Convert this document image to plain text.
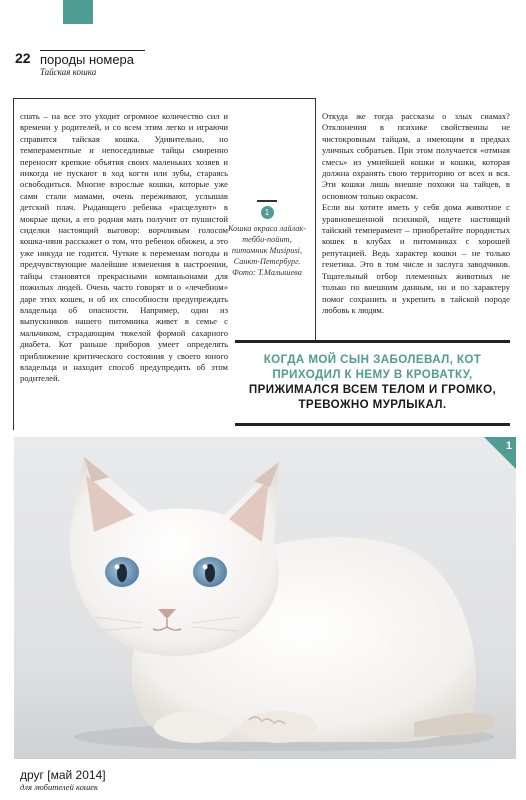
22 породы номера
Тайская кошка

спать – на все это уходит огромное количество сил и времени у родителей, и со всем этим легко и играючи справится тайская кошка. Удивительно, но темпераментные и непоседливые тайцы смиренно переносят крепкие объятия своих маленьких хозяев и никогда не пускают в ход когти или зубы, стараясь освободиться. Многие взрослые кошки, которые уже сами стали мамами, очень переживают, услышав детский плач. Рыдающего ребенка «расцелуют» в мокрые щеки, а его родная мать получит от пушистой сиделки настоящий выговор: ворчливым голосом кошка-няня расскажет о том, что ребенок обижен, а это уже никуда не годится. Чуткие к переменам погоды и предчувствующие малейшие изменения в настроении, тайцы становятся прекрасными компаньонами для пожилых людей. Очень часто говорят и о «лечебном» даре этих кошек, и об их способности предупреждать владельца об опасности. Например, один из выпускников нашего питомника живет в семье с мальчиком, страдающим тяжелой формой сахарного диабета. Кот раньше приборов умеет определять приближение критического состояния у своего юного владельца и находит способ предупредить об этом родителей.

1
Кошка окраса лайлак-тебби-пойнт, питомник Musipusi, Санкт-Петербург. Фото: Т.Малышева

Откуда же тогда рассказы о злых сиамах? Отклонения в психике свойственны не чистокровным тайцам, а имеющим в предках уличных собратьев. При этом получается «отмная смесь» из умнейшей кошки и кошки, которая должна охранять свою территорию от всех и вся. Эти кошки лишь внешне похожи на тайцев, в основном только окрасом.

Если вы хотите иметь у себя дома животное с уравновешенной психикой, ищете настоящий тайский темперамент – приобретайте породистых кошек в клубах и питомниках с хорошей репутацией. Ведь характер кошки – не только генетика. Это в том числе и заслуга заводчиков. Тщательный отбор племенных животных не только по внешним данным, но и по характеру помог сохранить и укрепить в тайской породе любовь к людям.

КОГДА МОЙ СЫН ЗАБОЛЕВАЛ, КОТ ПРИХОДИЛ К НЕМУ В КРОВАТКУ,
ПРИЖИМАЛСЯ ВСЕМ ТЕЛОМ И ГРОМКО, ТРЕВОЖНО МУРЛЫКАЛ.
1
друг [май 2014]
для любителей кошек
